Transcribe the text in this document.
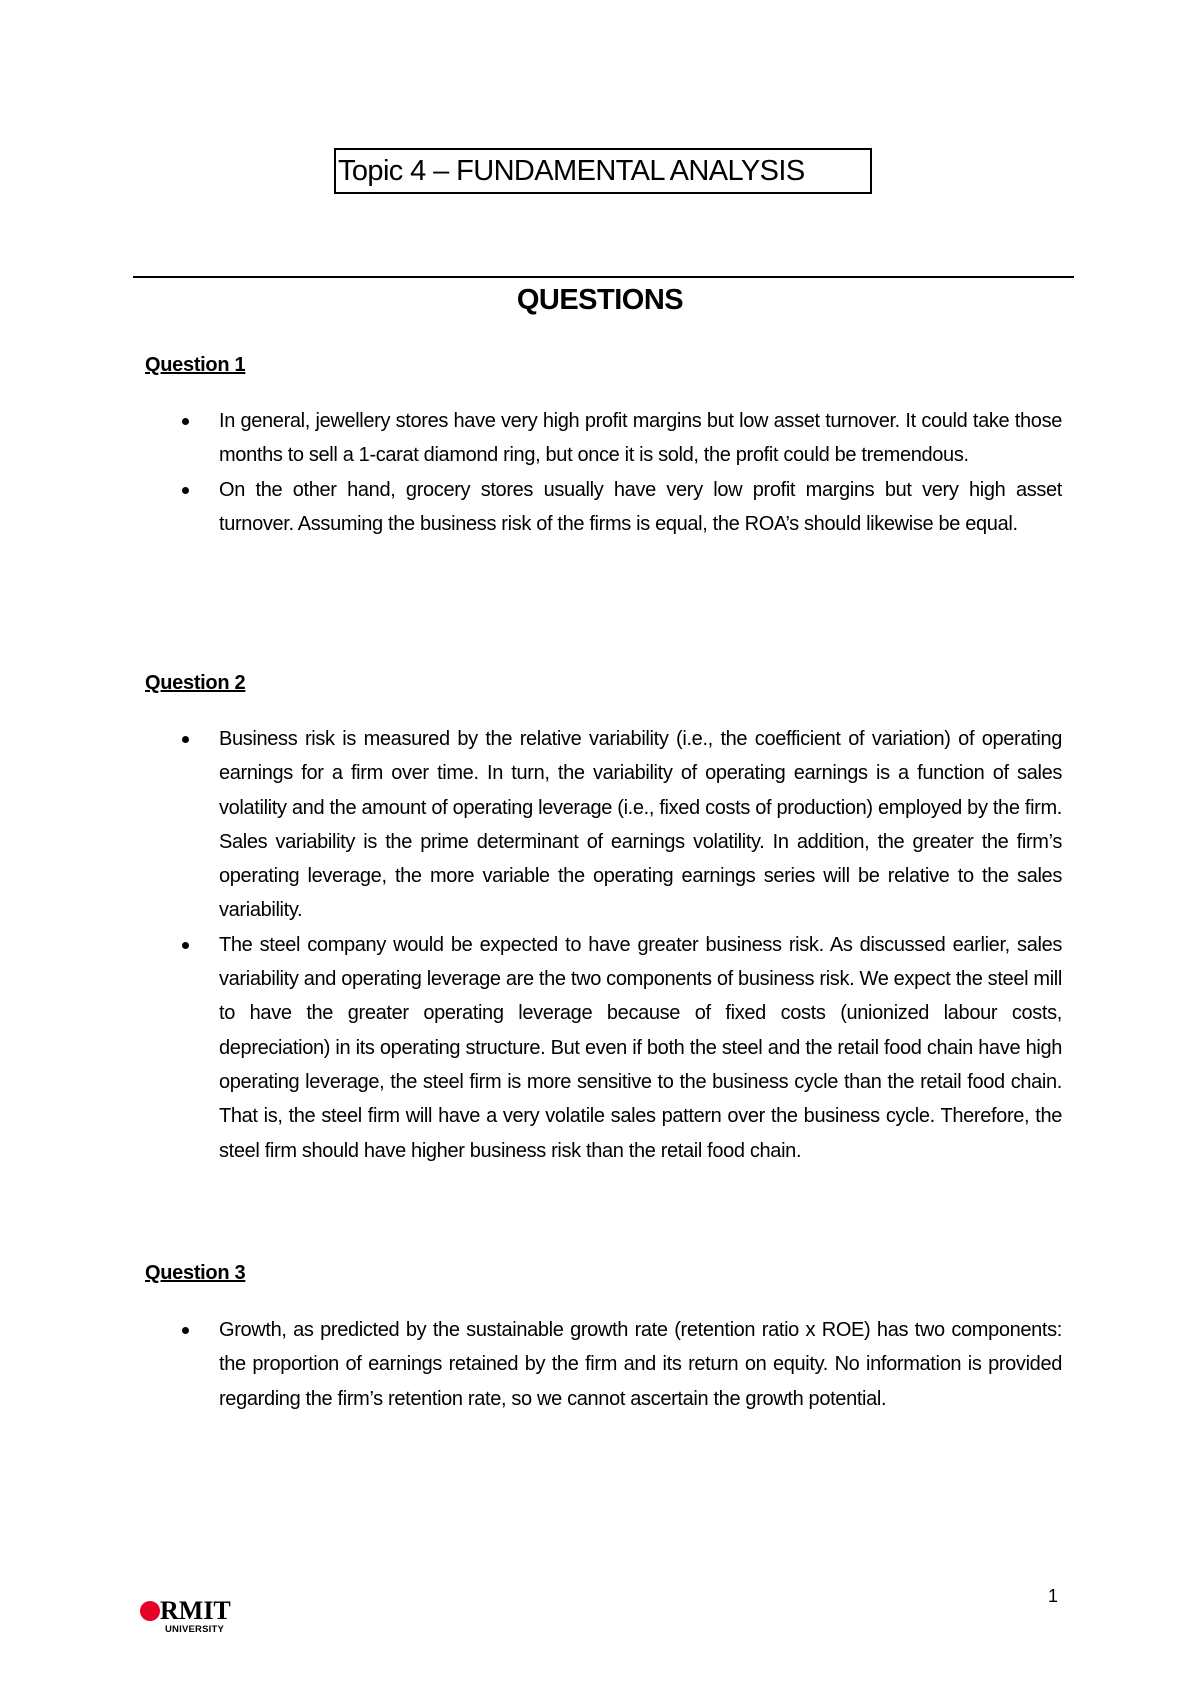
Topic 4 – FUNDAMENTAL ANALYSIS
QUESTIONS
Question 1
In general, jewellery stores have very high profit margins but low asset turnover. It could take those months to sell a 1-carat diamond ring, but once it is sold, the profit could be tremendous.
On the other hand, grocery stores usually have very low profit margins but very high asset turnover. Assuming the business risk of the firms is equal, the ROA’s should likewise be equal.
Question 2
Business risk is measured by the relative variability (i.e., the coefficient of variation) of operating earnings for a firm over time. In turn, the variability of operating earnings is a function of sales volatility and the amount of operating leverage (i.e., fixed costs of production) employed by the firm. Sales variability is the prime determinant of earnings volatility. In addition, the greater the firm’s operating leverage, the more variable the operating earnings series will be relative to the sales variability.
The steel company would be expected to have greater business risk. As discussed earlier, sales variability and operating leverage are the two components of business risk. We expect the steel mill to have the greater operating leverage because of fixed costs (unionized labour costs, depreciation) in its operating structure. But even if both the steel and the retail food chain have high operating leverage, the steel firm is more sensitive to the business cycle than the retail food chain. That is, the steel firm will have a very volatile sales pattern over the business cycle. Therefore, the steel firm should have higher business risk than the retail food chain.
Question 3
Growth, as predicted by the sustainable growth rate (retention ratio x ROE) has two components: the proportion of earnings retained by the firm and its return on equity. No information is provided regarding the firm’s retention rate, so we cannot ascertain the growth potential.
1
RMIT
UNIVERSITY
